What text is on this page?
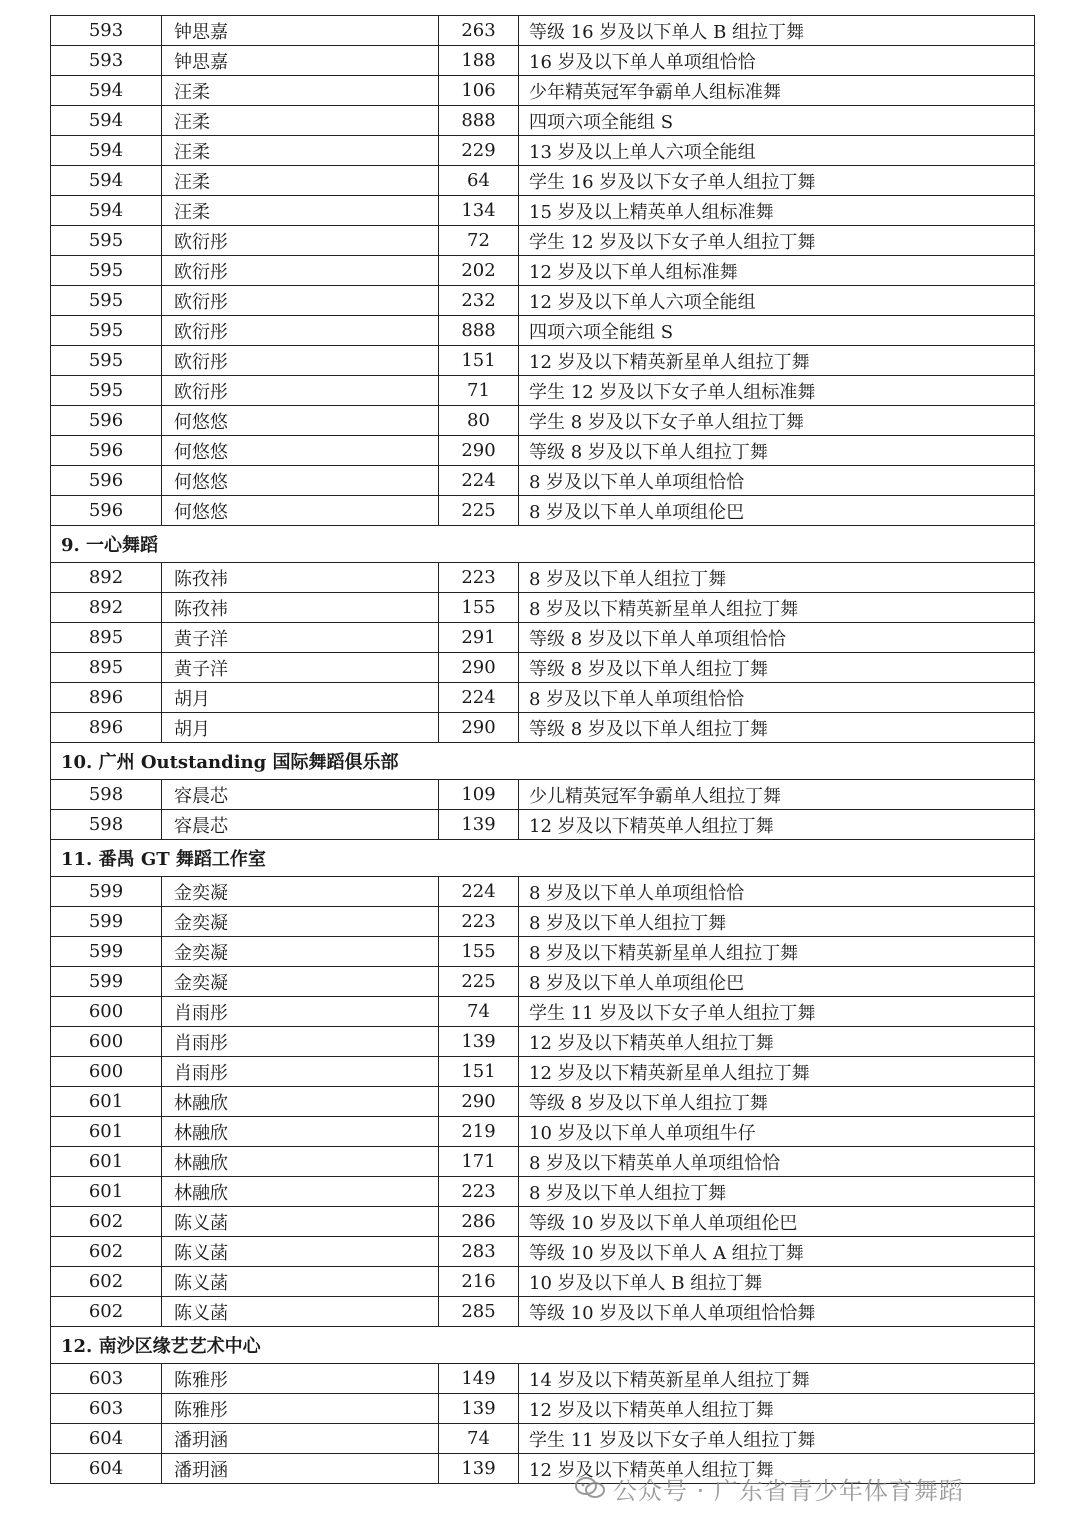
593	钟思嘉	263	等级 16 岁及以下单人 B 组拉丁舞
593	钟思嘉	188	16 岁及以下单人单项组恰恰
594	汪柔	106	少年精英冠军争霸单人组标准舞
594	汪柔	888	四项六项全能组 S
594	汪柔	229	13 岁及以上单人六项全能组
594	汪柔	64	学生 16 岁及以下女子单人组拉丁舞
594	汪柔	134	15 岁及以上精英单人组标准舞
595	欧衍彤	72	学生 12 岁及以下女子单人组拉丁舞
595	欧衍彤	202	12 岁及以下单人组标准舞
595	欧衍彤	232	12 岁及以下单人六项全能组
595	欧衍彤	888	四项六项全能组 S
595	欧衍彤	151	12 岁及以下精英新星单人组拉丁舞
595	欧衍彤	71	学生 12 岁及以下女子单人组标准舞
596	何悠悠	80	学生 8 岁及以下女子单人组拉丁舞
596	何悠悠	290	等级 8 岁及以下单人组拉丁舞
596	何悠悠	224	8 岁及以下单人单项组恰恰
596	何悠悠	225	8 岁及以下单人单项组伦巴
9. 一心舞蹈			
892	陈孜祎	223	8 岁及以下单人组拉丁舞
892	陈孜祎	155	8 岁及以下精英新星单人组拉丁舞
895	黄子洋	291	等级 8 岁及以下单人单项组恰恰
895	黄子洋	290	等级 8 岁及以下单人组拉丁舞
896	胡月	224	8 岁及以下单人单项组恰恰
896	胡月	290	等级 8 岁及以下单人组拉丁舞
10. 广州 Outstanding 国际舞蹈俱乐部			
598	容晨芯	109	少儿精英冠军争霸单人组拉丁舞
598	容晨芯	139	12 岁及以下精英单人组拉丁舞
11. 番禺 GT 舞蹈工作室			
599	金奕凝	224	8 岁及以下单人单项组恰恰
599	金奕凝	223	8 岁及以下单人组拉丁舞
599	金奕凝	155	8 岁及以下精英新星单人组拉丁舞
599	金奕凝	225	8 岁及以下单人单项组伦巴
600	肖雨彤	74	学生 11 岁及以下女子单人组拉丁舞
600	肖雨彤	139	12 岁及以下精英单人组拉丁舞
600	肖雨彤	151	12 岁及以下精英新星单人组拉丁舞
601	林融欣	290	等级 8 岁及以下单人组拉丁舞
601	林融欣	219	10 岁及以下单人单项组牛仔
601	林融欣	171	8 岁及以下精英单人单项组恰恰
601	林融欣	223	8 岁及以下单人组拉丁舞
602	陈义菡	286	等级 10 岁及以下单人单项组伦巴
602	陈义菡	283	等级 10 岁及以下单人 A 组拉丁舞
602	陈义菡	216	10 岁及以下单人 B 组拉丁舞
602	陈义菡	285	等级 10 岁及以下单人单项组恰恰舞
12. 南沙区缘艺艺术中心			
603	陈雅彤	149	14 岁及以下精英新星单人组拉丁舞
603	陈雅彤	139	12 岁及以下精英单人组拉丁舞
604	潘玥涵	74	学生 11 岁及以下女子单人组拉丁舞
604	潘玥涵	139	12 岁及以下精英单人组拉丁舞
公众号 · 广东省青少年体育舞蹈
